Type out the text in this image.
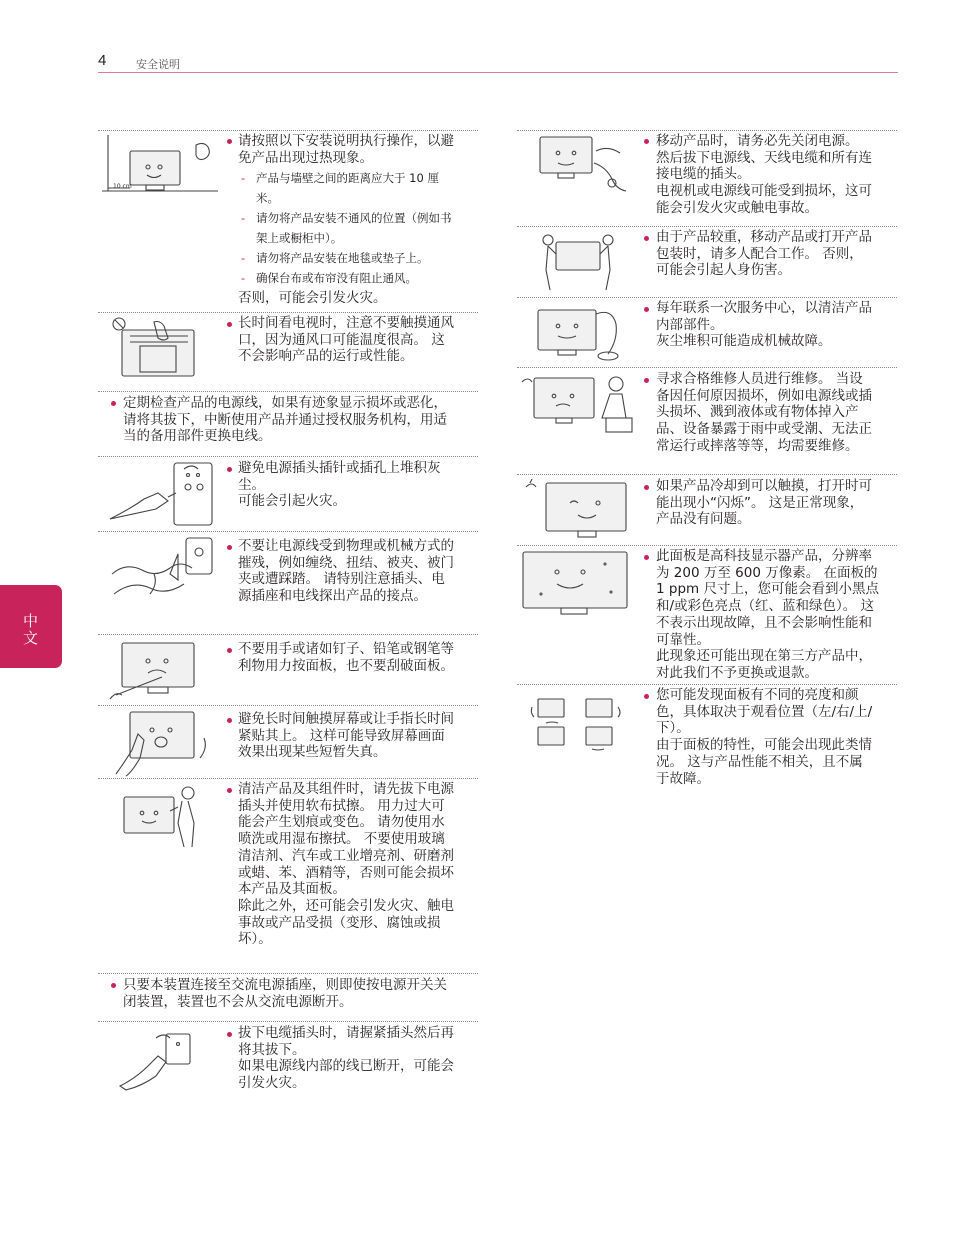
4	安全说明
中文
10 cm

请按照以下安装说明执行操作，以避免产品出现过热现象。

- 产品与墙壁之间的距离应大于 10 厘米。
- 请勿将产品安装不通风的位置（例如书架上或橱柜中）。
- 请勿将产品安装在地毯或垫子上。
- 确保台布或布帘没有阻止通风。

否则，可能会引发火灾。

长时间看电视时，注意不要触摸通风口，因为通风口可能温度很高。 这不会影响产品的运行或性能。

定期检查产品的电源线，如果有迹象显示损坏或恶化，请将其拔下，中断使用产品并通过授权服务机构，用适当的备用部件更换电线。

避免电源插头插针或插孔上堆积灰尘。

可能会引起火灾。

不要让电源线受到物理或机械方式的摧残，例如缠绕、扭结、被夹、被门夹或遭踩踏。 请特别注意插头、电源插座和电线探出产品的接点。

不要用手或诸如钉子、铅笔或钢笔等利物用力按面板，也不要刮破面板。

避免长时间触摸屏幕或让手指长时间紧贴其上。 这样可能导致屏幕画面效果出现某些短暂失真。

清洁产品及其组件时，请先拔下电源插头并使用软布拭擦。 用力过大可能会产生划痕或变色。 请勿使用水喷洗或用湿布擦拭。 不要使用玻璃清洁剂、汽车或工业增亮剂、研磨剂或蜡、苯、酒精等，否则可能会损坏本产品及其面板。

除此之外，还可能会引发火灾、触电事故或产品受损（变形、腐蚀或损坏）。

只要本装置连接至交流电源插座，则即使按电源开关关闭装置，装置也不会从交流电源断开。

拔下电缆插头时，请握紧插头然后再将其拔下。

如果电源线内部的线已断开，可能会引发火灾。

移动产品时，请务必先关闭电源。 然后拔下电源线、天线电缆和所有连接电缆的插头。

电视机或电源线可能受到损坏，这可能会引发火灾或触电事故。

由于产品较重，移动产品或打开产品包装时，请多人配合工作。 否则，可能会引起人身伤害。

每年联系一次服务中心，以清洁产品内部部件。

灰尘堆积可能造成机械故障。

寻求合格维修人员进行维修。 当设备因任何原因损坏，例如电源线或插头损坏、溅到液体或有物体掉入产品、设备暴露于雨中或受潮、无法正常运行或摔落等等，均需要维修。

如果产品冷却到可以触摸，打开时可能出现小“闪烁”。 这是正常现象，产品没有问题。

此面板是高科技显示器产品，分辨率为 200 万至 600 万像素。 在面板的 1 ppm 尺寸上，您可能会看到小黑点和/或彩色亮点（红、蓝和绿色）。 这不表示出现故障，且不会影响性能和可靠性。

此现象还可能出现在第三方产品中，对此我们不予更换或退款。

您可能发现面板有不同的亮度和颜色，具体取决于观看位置（左/右/上/下）。

由于面板的特性，可能会出现此类情况。 这与产品性能不相关，且不属于故障。
